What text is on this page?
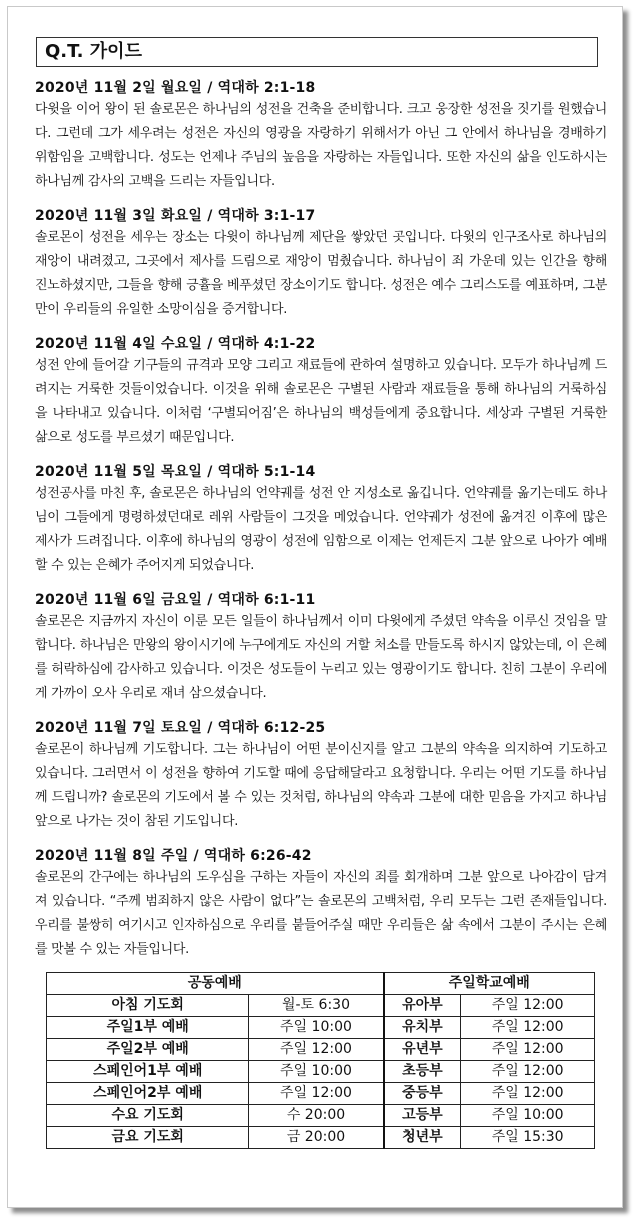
Q.T. 가이드
2020년 11월 2일 월요일 / 역대하 2:1-18
다윗을 이어 왕이 된 솔로몬은 하나님의 성전을 건축을 준비합니다. 크고 웅장한 성전을 짓기를 원했습니다. 그런데 그가 세우려는 성전은 자신의 영광을 자랑하기 위해서가 아닌 그 안에서 하나님을 경배하기 위함임을 고백합니다. 성도는 언제나 주님의 높음을 자랑하는 자들입니다. 또한 자신의 삶을 인도하시는 하나님께 감사의 고백을 드리는 자들입니다.
2020년 11월 3일 화요일 / 역대하 3:1-17
솔로몬이 성전을 세우는 장소는 다윗이 하나님께 제단을 쌓았던 곳입니다. 다윗의 인구조사로 하나님의 재앙이 내려졌고, 그곳에서 제사를 드림으로 재앙이 멈췄습니다. 하나님이 죄 가운데 있는 인간을 향해 진노하셨지만, 그들을 향해 긍휼을 베푸셨던 장소이기도 합니다. 성전은 예수 그리스도를 예표하며, 그분만이 우리들의 유일한 소망이심을 증거합니다.
2020년 11월 4일 수요일 / 역대하 4:1-22
성전 안에 들어갈 기구들의 규격과 모양 그리고 재료들에 관하여 설명하고 있습니다. 모두가 하나님께 드려지는 거룩한 것들이었습니다. 이것을 위해 솔로몬은 구별된 사람과 재료들을 통해 하나님의 거룩하심을 나타내고 있습니다. 이처럼 ‘구별되어짐’은 하나님의 백성들에게 중요합니다. 세상과 구별된 거룩한 삶으로 성도를 부르셨기 때문입니다.
2020년 11월 5일 목요일 / 역대하 5:1-14
성전공사를 마친 후, 솔로몬은 하나님의 언약궤를 성전 안 지성소로 옮깁니다. 언약궤를 옮기는데도 하나님이 그들에게 명령하셨던대로 레위 사람들이 그것을 메었습니다. 언약궤가 성전에 옮겨진 이후에 많은 제사가 드려집니다. 이후에 하나님의 영광이 성전에 임함으로 이제는 언제든지 그분 앞으로 나아가 예배할 수 있는 은혜가 주어지게 되었습니다.
2020년 11월 6일 금요일 / 역대하 6:1-11
솔로몬은 지금까지 자신이 이룬 모든 일들이 하나님께서 이미 다윗에게 주셨던 약속을 이루신 것임을 말합니다. 하나님은 만왕의 왕이시기에 누구에게도 자신의 거할 처소를 만들도록 하시지 않았는데, 이 은혜를 허락하심에 감사하고 있습니다. 이것은 성도들이 누리고 있는 영광이기도 합니다. 친히 그분이 우리에게 가까이 오사 우리로 재녀 삼으셨습니다.
2020년 11월 7일 토요일 / 역대하 6:12-25
솔로몬이 하나님께 기도합니다. 그는 하나님이 어떤 분이신지를 알고 그분의 약속을 의지하여 기도하고 있습니다. 그러면서 이 성전을 향하여 기도할 때에 응답해달라고 요청합니다. 우리는 어떤 기도를 하나님께 드립니까? 솔로몬의 기도에서 볼 수 있는 것처럼, 하나님의 약속과 그분에 대한 믿음을 가지고 하나님 앞으로 나가는 것이 참된 기도입니다.
2020년 11월 8일 주일 / 역대하 6:26-42
솔로몬의 간구에는 하나님의 도우심을 구하는 자들이 자신의 죄를 회개하며 그분 앞으로 나아감이 담겨져 있습니다. “주께 범죄하지 않은 사람이 없다”는 솔로몬의 고백처럼, 우리 모두는 그런 존재들입니다. 우리를 불쌍히 여기시고 인자하심으로 우리를 붙들어주실 때만 우리들은 삶 속에서 그분이 주시는 은혜를 맛볼 수 있는 자들입니다.
공동예배		주일학교예배	
아침 기도회	월-토 6:30	유아부	주일 12:00
주일1부 예배	주일 10:00	유치부	주일 12:00
주일2부 예배	주일 12:00	유년부	주일 12:00
스페인어1부 예배	주일 10:00	초등부	주일 12:00
스페인어2부 예배	주일 12:00	중등부	주일 12:00
수요 기도회	수 20:00	고등부	주일 10:00
금요 기도회	금 20:00	청년부	주일 15:30
